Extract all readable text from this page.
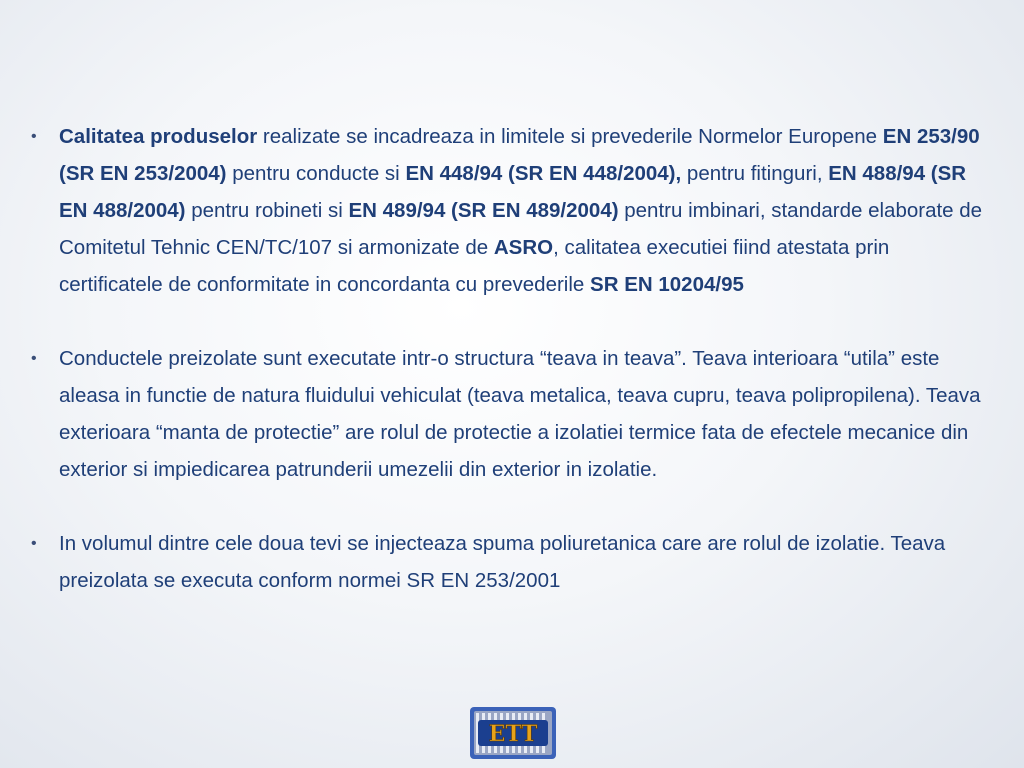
• Calitatea produselor realizate se incadreaza in limitele si prevederile Normelor Europene EN 253/90 (SR EN 253/2004) pentru conducte si EN 448/94 (SR EN 448/2004), pentru fitinguri, EN 488/94 (SR EN 488/2004) pentru robineti si EN 489/94 (SR EN 489/2004) pentru imbinari, standarde elaborate de Comitetul Tehnic CEN/TC/107 si armonizate de ASRO, calitatea executiei fiind atestata prin certificatele de conformitate in concordanta cu prevederile SR EN 10204/95
• Conductele preizolate sunt executate intr-o structura “teava in teava”. Teava interioara “utila” este aleasa in functie de natura fluidului vehiculat (teava metalica, teava cupru, teava polipropilena). Teava exterioara “manta de protectie” are rolul de protectie a izolatiei termice fata de efectele mecanice din exterior si impiedicarea patrunderii umezelii din exterior in izolatie.
• In volumul dintre cele doua tevi se injecteaza spuma poliuretanica care are rolul de izolatie. Teava preizolata se executa conform normei SR EN 253/2001
ETT
